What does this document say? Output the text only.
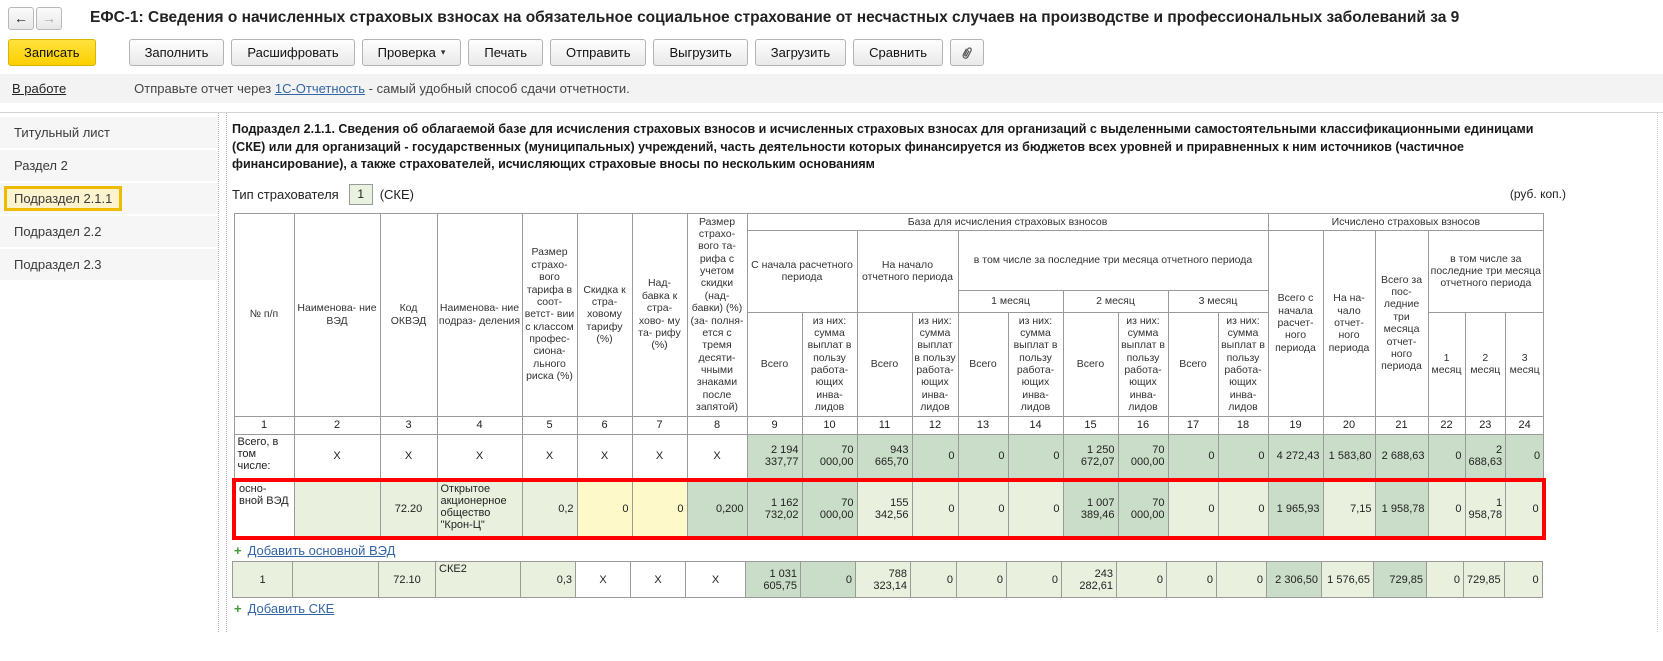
← → ЕФС-1: Сведения о начисленных страховых взносах на обязательное социальное страхование от несчастных случаев на производстве и профессиональных заболеваний за 9
Записать	Заполнить	Расшифровать	Проверка ▾	Печать	Отправить	Выгрузить	Загрузить	Сравнить
В работе	Отправьте отчет через 1С-Отчетность - самый удобный способ сдачи отчетности.
Титульный лист
Раздел 2
Подраздел 2.1.1
Подраздел 2.2
Подраздел 2.3
Подраздел 2.1.1. Сведения об облагаемой базе для исчисления страховых взносов и исчисленных страховых взносах для организаций с выделенными самостоятельными классификационными единицами (СКЕ) или для организаций - государственных (муниципальных) учреждений, часть деятельности которых финансируется из бюджетов всех уровней и приравненных к ним источников (частичное финансирование), а также страхователей, исчисляющих страховые вносы по нескольким основаниям
Тип страхователя	1	(СКЕ)	(руб. коп.)
№ п/п	Наименова- ние ВЭД	Код ОКВЭД	Наименова- ние подраз- деления	Размер страхо- вого тарифа в соот- ветст- вии с классом профес- сиона- льного риска (%)	Скидка к стра- ховому тарифу (%)	Над- бавка к стра- хово- му та- рифу (%)	Размер страхо- вого та- рифа с учетом скидки (над- бавки) (%) (за- полня- ется с тремя десяти- чными знаками после запятой)	База для исчисления страховых взносов										Исчислено страховых взносов					
								С начала расчетного периода		На начало отчетного периода		в том числе за последние три месяца отчетного периода						Всего с начала расчет- ного периода	На на- чало отчет- ного периода	Всего за пос- ледние три месяца отчет- ного периода	в том числе за последние три месяца отчетного периода		
												1 месяц		2 месяц		3 месяц							
								Всего	из них: сумма выплат в пользу работа- ющих инва- лидов	Всего	из них: сумма выплат в пользу работа- ющих инва- лидов	Всего	из них: сумма выплат в пользу работа- ющих инва- лидов	Всего	из них: сумма выплат в пользу работа- ющих инва- лидов	Всего	из них: сумма выплат в пользу работа- ющих инва- лидов				1 месяц	2 месяц	3 месяц
1	2	3	4	5	6	7	8	9	10	11	12	13	14	15	16	17	18	19	20	21	22	23	24
Всего, в том числе:	X	X	X	X	X	X	X	2 194 337,77	70 000,00	943 665,70	0	0	0	1 250 672,07	70 000,00	0	0	4 272,43	1 583,80	2 688,63	0	2 688,63	0
осно- вной ВЭД		72.20	Открытое акционерное общество "Крон-Ц"	0,2	0	0	0,200	1 162 732,02	70 000,00	155 342,56	0	0	0	1 007 389,46	70 000,00	0	0	1 965,93	7,15	1 958,78	0	1 958,78	0
+ Добавить основной ВЭД
1		72.10	СКЕ2	0,3	X	X	X	1 031 605,75	0	788 323,14	0	0	0	243 282,61	0	0	0	2 306,50	1 576,65	729,85	0	729,85	0
+ Добавить СКЕ
